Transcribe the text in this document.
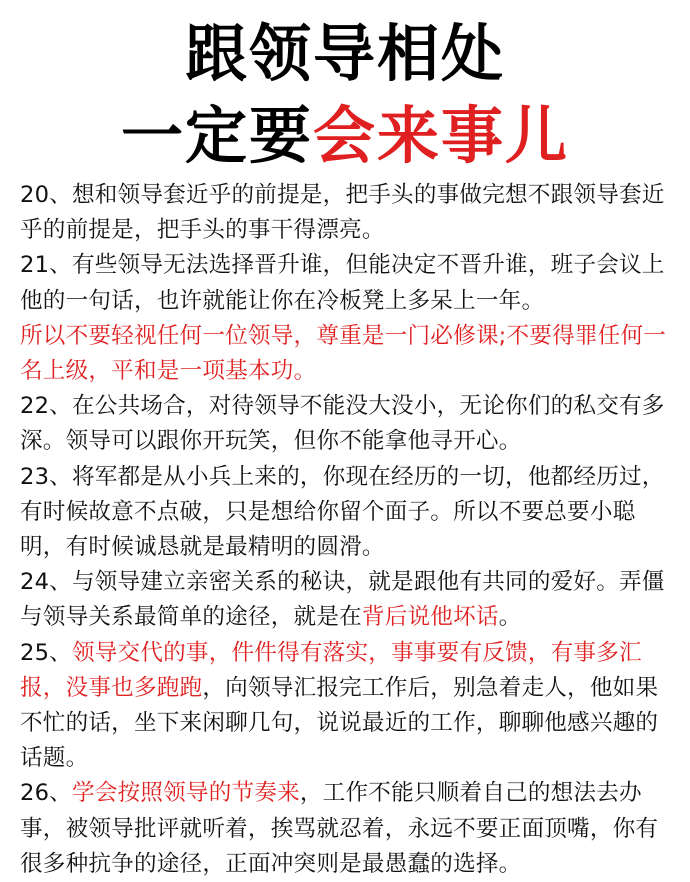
跟领导相处
一定要会来事儿

20、想和领导套近乎的前提是，把手头的事做完想不跟领导套近乎的前提是，把手头的事干得漂亮。

21、有些领导无法选择晋升谁，但能决定不晋升谁，班子会议上他的一句话，也许就能让你在冷板凳上多呆上一年。

所以不要轻视任何一位领导，尊重是一门必修课;不要得罪任何一名上级，平和是一项基本功。

22、在公共场合，对待领导不能没大没小，无论你们的私交有多深。领导可以跟你开玩笑，但你不能拿他寻开心。

23、将军都是从小兵上来的，你现在经历的一切，他都经历过，有时候故意不点破，只是想给你留个面子。所以不要总要小聪明，有时候诚恳就是最精明的圆滑。

24、与领导建立亲密关系的秘诀，就是跟他有共同的爱好。弄僵与领导关系最简单的途径，就是在背后说他坏话。

25、领导交代的事，件件得有落实，事事要有反馈，有事多汇报，没事也多跑跑，向领导汇报完工作后，别急着走人，他如果不忙的话，坐下来闲聊几句，说说最近的工作，聊聊他感兴趣的话题。

26、学会按照领导的节奏来，工作不能只顺着自己的想法去办事，被领导批评就听着，挨骂就忍着，永远不要正面顶嘴，你有很多种抗争的途径，正面冲突则是最愚蠢的选择。
